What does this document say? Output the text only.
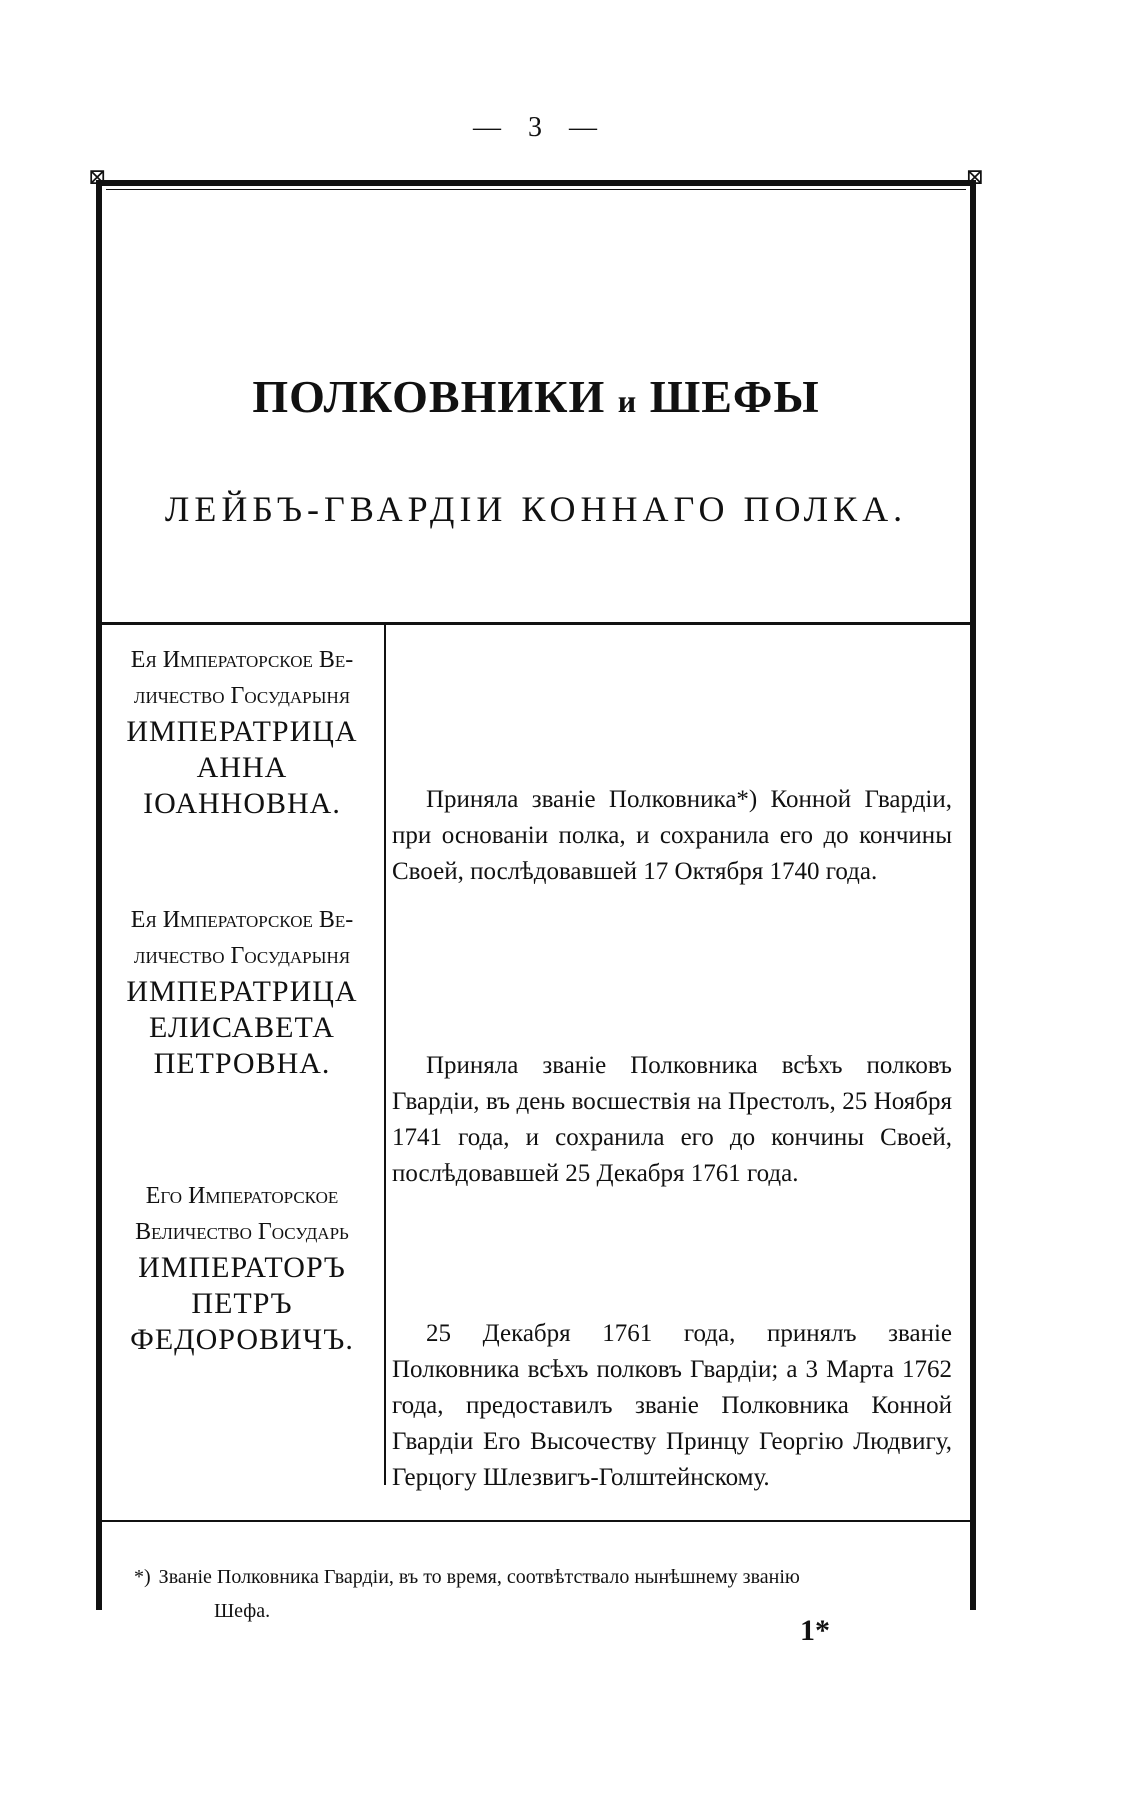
— 3 —
⊠	⊠
ПОЛКОВНИКИ и ШЕФЫ
ЛЕЙБЪ-ГВАРДІИ КОННАГО ПОЛКА.
Ея Императорское Ве-
личество Государыня
ИМПЕРАТРИЦА
АННА
ІОАННОВНА.	Приняла званіе Полковника*) Конной Гвардіи, при основаніи полка, и сохранила его до кончины Своей, послѣдовавшей 17 Октября 1740 года.
Ея Императорское Ве-
личество Государыня
ИМПЕРАТРИЦА
ЕЛИСАВЕТА
ПЕТРОВНА.	Приняла званіе Полковника всѣхъ полковъ Гвардіи, въ день восшествія на Престолъ, 25 Ноября 1741 года, и сохранила его до кончины Своей, послѣдовавшей 25 Декабря 1761 года.
Его Императорское
Величество Государь
ИМПЕРАТОРЪ
ПЕТРЪ
ФЕДОРОВИЧЪ.	25 Декабря 1761 года, принялъ званіе Полковника всѣхъ полковъ Гвардіи; а 3 Марта 1762 года, предоставилъ званіе Полковника Конной Гвардіи Его Высочеству Принцу Георгію Людвигу, Герцогу Шлезвигъ-Голштейнскому.
*) Званіе Полковника Гвардіи, въ то время, соотвѣтствало нынѣшнему званію
Шефа.
1*
